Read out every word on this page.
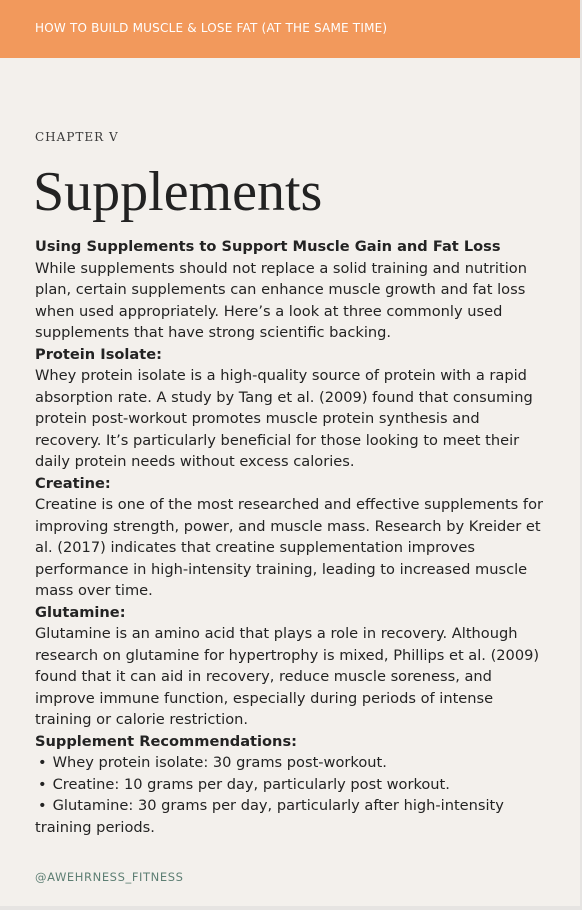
HOW TO BUILD MUSCLE & LOSE FAT (AT THE SAME TIME)
CHAPTER V
Supplements

Using Supplements to Support Muscle Gain and Fat Loss

While supplements should not replace a solid training and nutrition plan, certain supplements can enhance muscle growth and fat loss when used appropriately. Here’s a look at three commonly used supplements that have strong scientific backing.

Protein Isolate:

Whey protein isolate is a high-quality source of protein with a rapid absorption rate. A study by Tang et al. (2009) found that consuming protein post-workout promotes muscle protein synthesis and recovery. It’s particularly beneficial for those looking to meet their daily protein needs without excess calories.

Creatine:

Creatine is one of the most researched and effective supplements for improving strength, power, and muscle mass. Research by Kreider et al. (2017) indicates that creatine supplementation improves performance in high-intensity training, leading to increased muscle mass over time.

Glutamine:

Glutamine is an amino acid that plays a role in recovery. Although research on glutamine for hypertrophy is mixed, Phillips et al. (2009) found that it can aid in recovery, reduce muscle soreness, and improve immune function, especially during periods of intense training or calorie restriction.

Supplement Recommendations:

• Whey protein isolate: 30 grams post-workout.
• Creatine: 10 grams per day, particularly post workout.
• Glutamine: 30 grams per day, particularly after high-intensity training periods.
@AWEHRNESS_FITNESS
